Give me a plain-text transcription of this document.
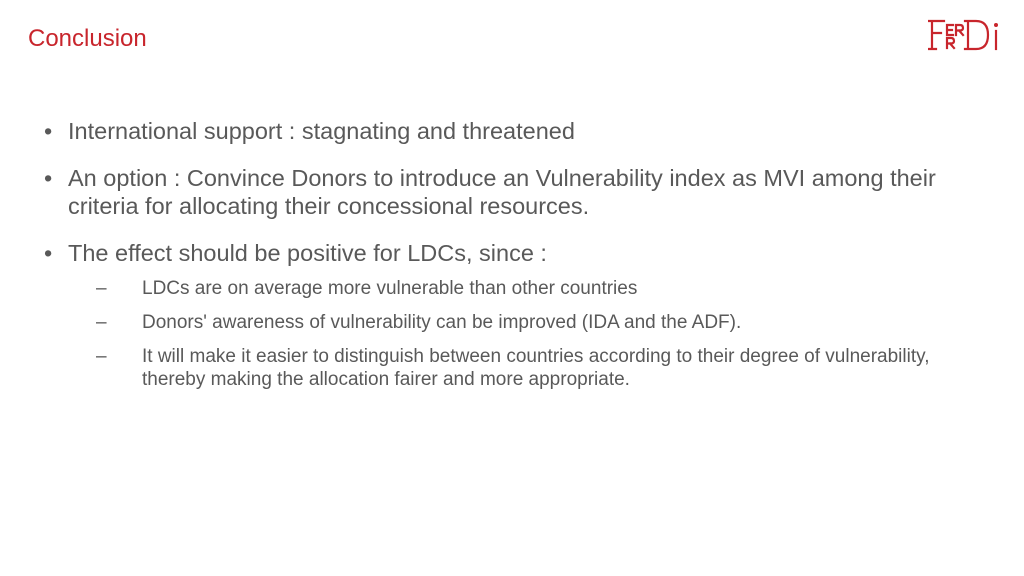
Conclusion
• International support : stagnating and threatened
• An option : Convince Donors to introduce an Vulnerability index as MVI among their criteria for allocating their concessional resources.
• The effect should be positive for LDCs, since :
– LDCs are on average more vulnerable than other countries
– Donors' awareness of vulnerability can be improved (IDA and the ADF).
– It will make it easier to distinguish between countries according to their degree of vulnerability, thereby making the allocation fairer and more appropriate.
